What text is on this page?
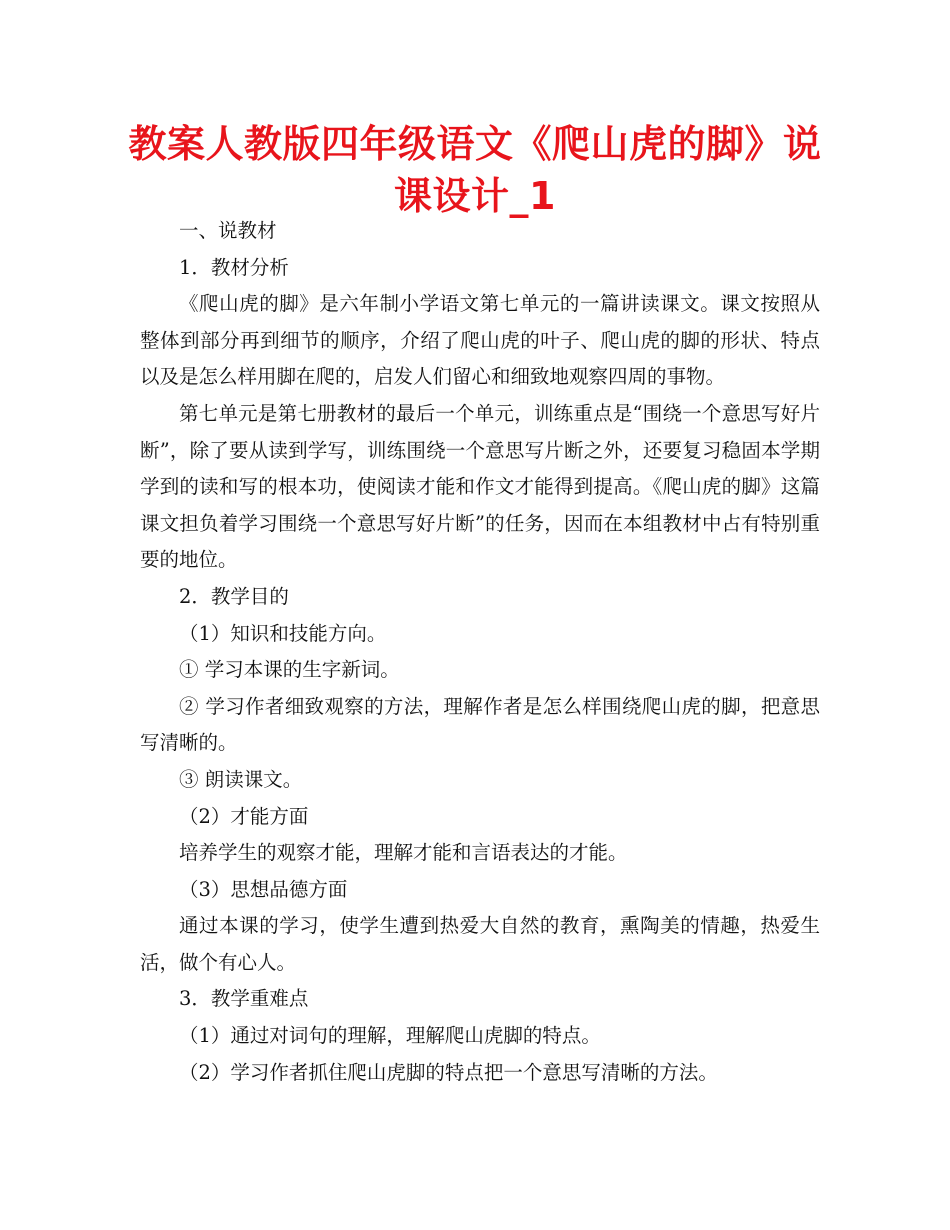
教案人教版四年级语文《爬山虎的脚》说课设计_1

一、说教材

1．教材分析

《爬山虎的脚》是六年制小学语文第七单元的一篇讲读课文。课文按照从整体到部分再到细节的顺序，介绍了爬山虎的叶子、爬山虎的脚的形状、特点以及是怎么样用脚在爬的，启发人们留心和细致地观察四周的事物。

第七单元是第七册教材的最后一个单元，训练重点是“围绕一个意思写好片断”，除了要从读到学写，训练围绕一个意思写片断之外，还要复习稳固本学期学到的读和写的根本功，使阅读才能和作文才能得到提高。《爬山虎的脚》这篇课文担负着学习围绕一个意思写好片断”的任务，因而在本组教材中占有特别重要的地位。

2．教学目的

（1）知识和技能方向。

① 学习本课的生字新词。

② 学习作者细致观察的方法，理解作者是怎么样围绕爬山虎的脚，把意思写清晰的。

③ 朗读课文。

（2）才能方面

培养学生的观察才能，理解才能和言语表达的才能。

（3）思想品德方面

通过本课的学习，使学生遭到热爱大自然的教育，熏陶美的情趣，热爱生活，做个有心人。

3．教学重难点

（1）通过对词句的理解，理解爬山虎脚的特点。

（2）学习作者抓住爬山虎脚的特点把一个意思写清晰的方法。
